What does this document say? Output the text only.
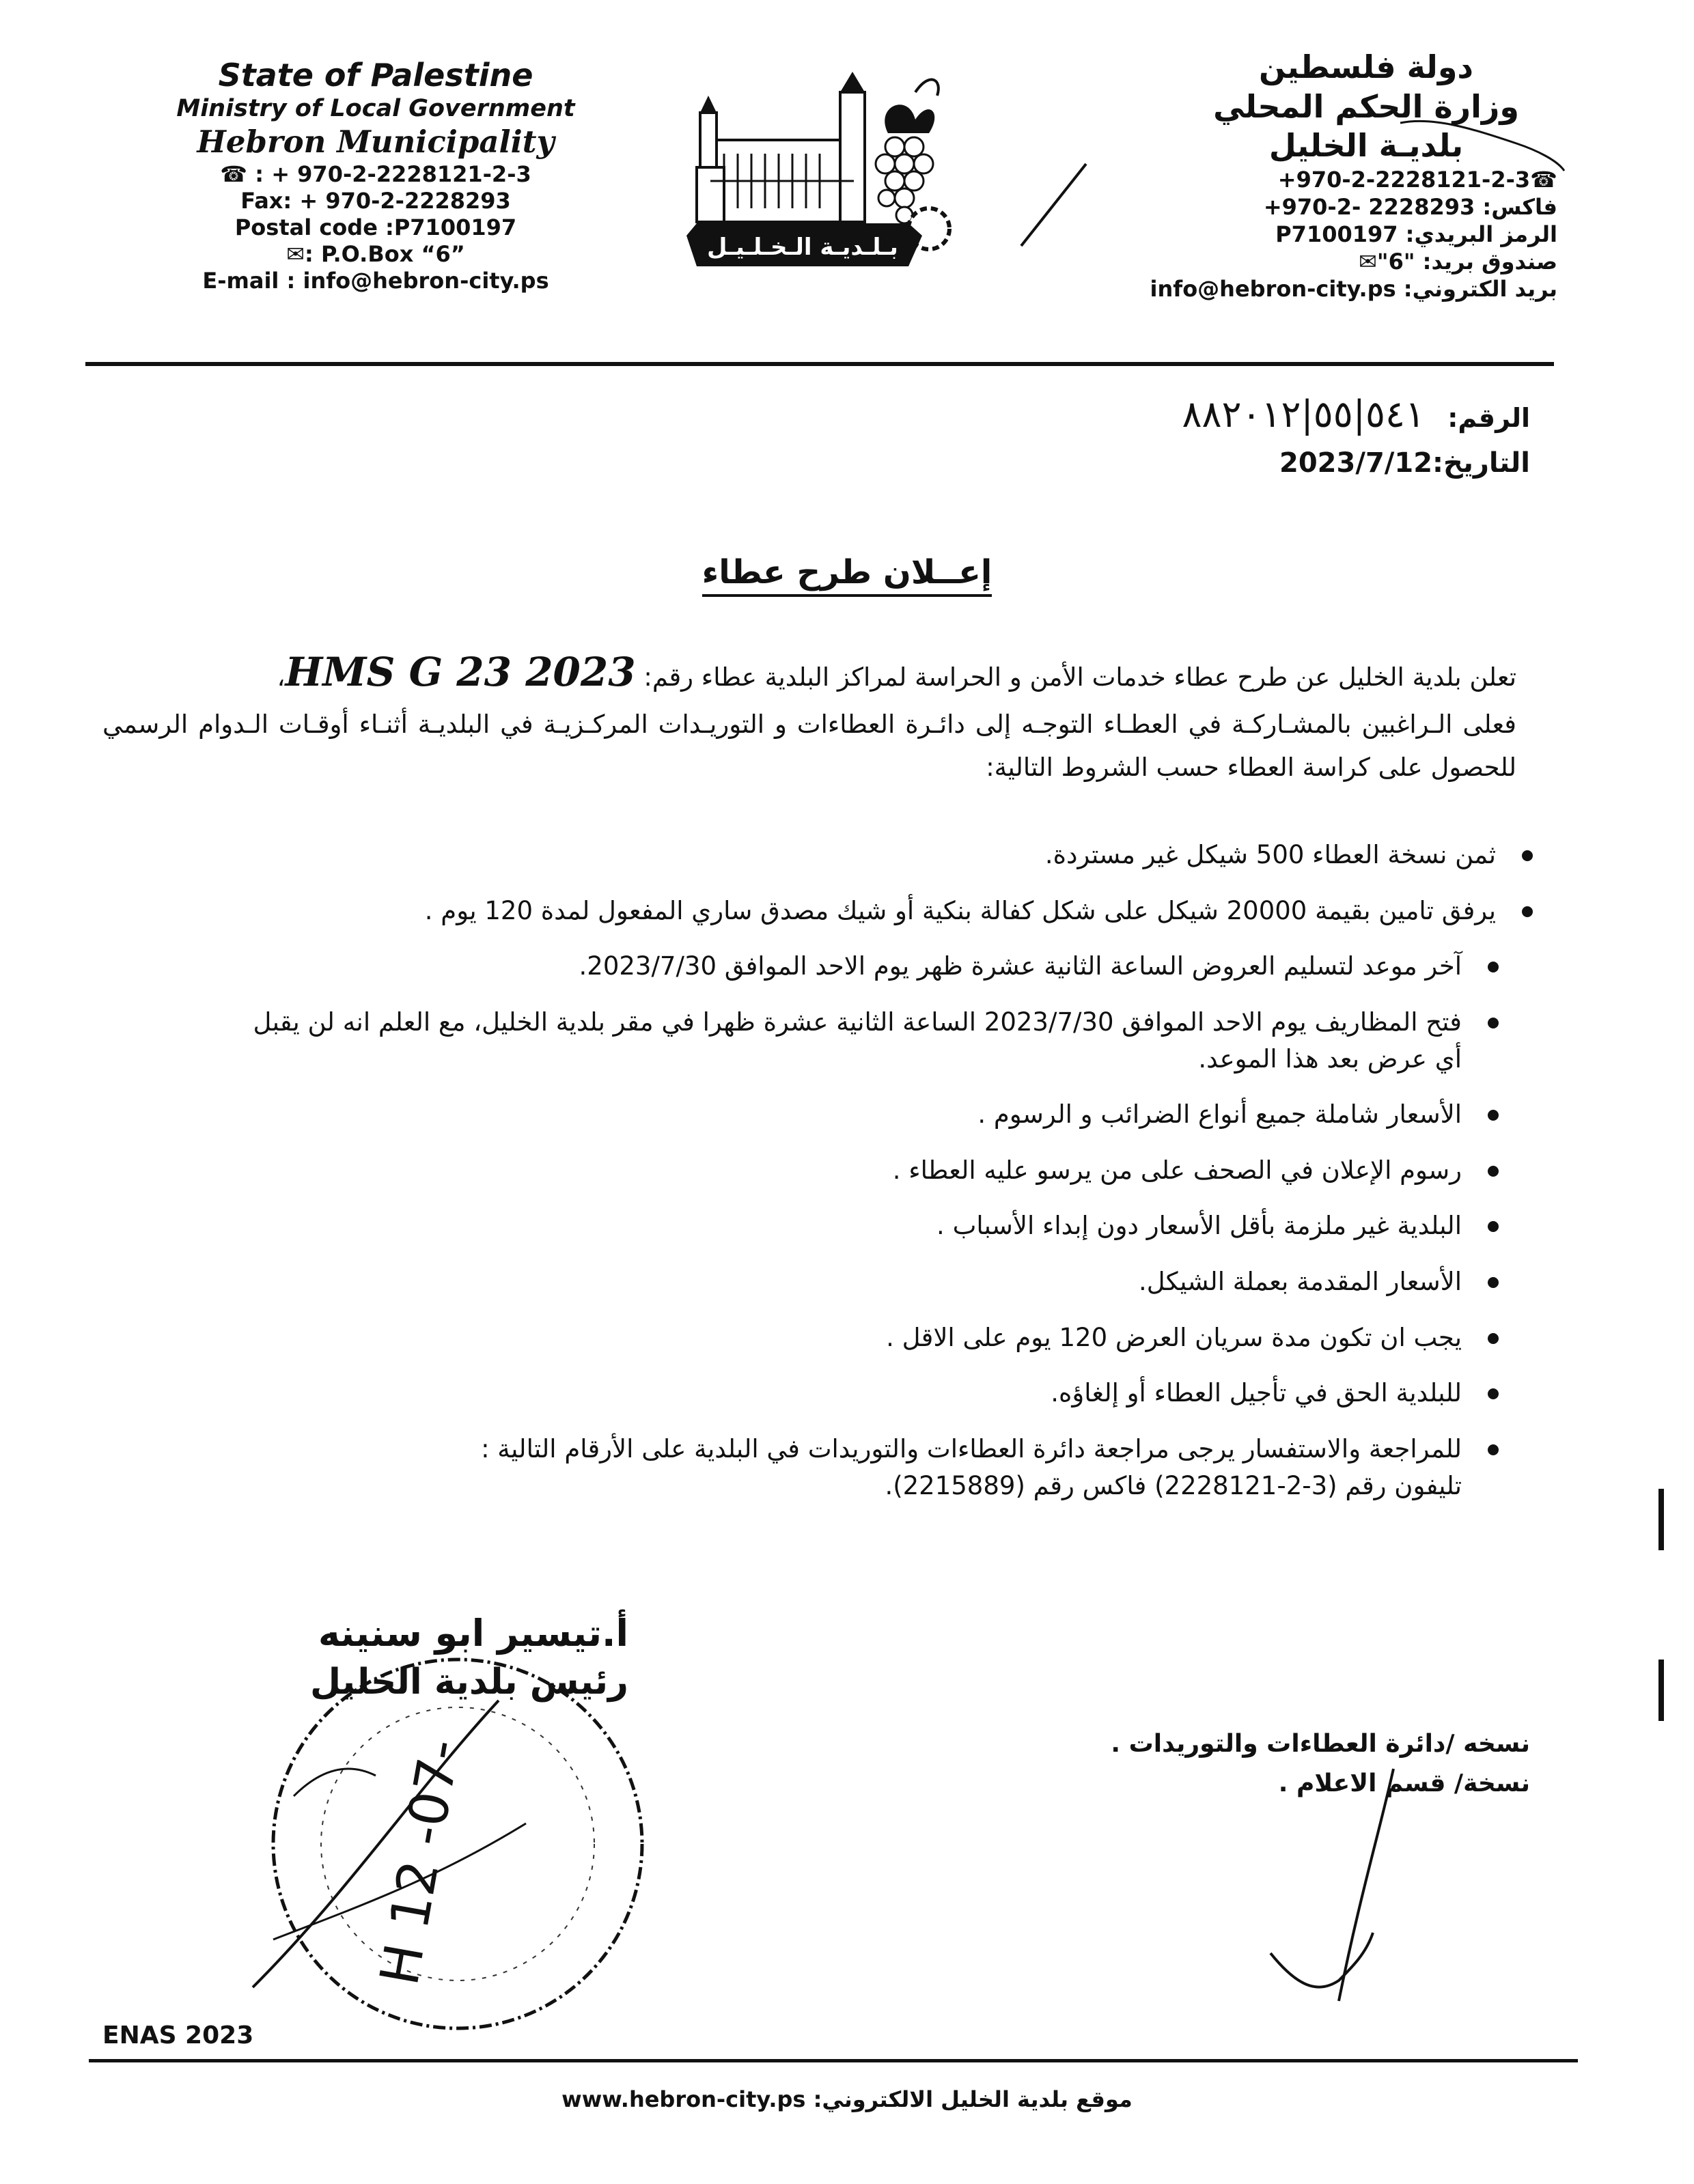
State of Palestine
Ministry of Local Government
Hebron Municipality
☎ : + 970-2-2228121-2-3
Fax: + 970-2-2228293
Postal code :P7100197
✉: P.O.Box “6”
E-mail : info@hebron-city.ps
بـلـديـة الـخـلـيـل
دولة فلسطين
وزارة الحكم المحلي
بلديـة الخليل
+970-2-2228121-2-3☎
فاكس: +970-2- 2228293
الرمز البريدي: P7100197
صندوق بريد: "6"✉
بريد الكتروني: info@hebron-city.ps
الرقم: ٥٤١|٥٥|٨٨٢٠١٢
التاريخ:2023/7/12
إعــلان طرح عطاء
تعلن بلدية الخليل عن طرح عطاء خدمات الأمن و الحراسة لمراكز البلدية عطاء رقم: HMS G 23 2023،
فعلى الـراغبين بالمشـاركـة في العطـاء التوجـه إلى دائـرة العطاءات و التوريـدات المركـزيـة في البلديـة أثنـاء أوقـات الـدوام الرسمي للحصول على كراسة العطاء حسب الشروط التالية:
ثمن نسخة العطاء 500 شيكل غير مستردة.
يرفق تامين بقيمة 20000 شيكل على شكل كفالة بنكية أو شيك مصدق ساري المفعول لمدة 120 يوم .
آخر موعد لتسليم العروض الساعة الثانية عشرة ظهر يوم الاحد الموافق 2023/7/30.
فتح المظاريف يوم الاحد الموافق 2023/7/30 الساعة الثانية عشرة ظهرا في مقر بلدية الخليل، مع العلم انه لن يقبل أي عرض بعد هذا الموعد.
الأسعار شاملة جميع أنواع الضرائب و الرسوم .
رسوم الإعلان في الصحف على من يرسو عليه العطاء .
البلدية غير ملزمة بأقل الأسعار دون إبداء الأسباب .
الأسعار المقدمة بعملة الشيكل.
يجب ان تكون مدة سريان العرض 120 يوم على الاقل .
للبلدية الحق في تأجيل العطاء أو إلغاؤه.
للمراجعة والاستفسار يرجى مراجعة دائرة العطاءات والتوريدات في البلدية على الأرقام التالية :
تليفون رقم (3-2-2228121) فاكس رقم (2215889).
H 12 -07-
أ.تيسير ابو سنينه
رئيس بلدية الخليل
نسخه /دائرة العطاءات والتوريدات .
نسخة/ قسم الاعلام .
ENAS 2023
www.hebron-city.ps موقع بلدية الخليل الالكتروني:
